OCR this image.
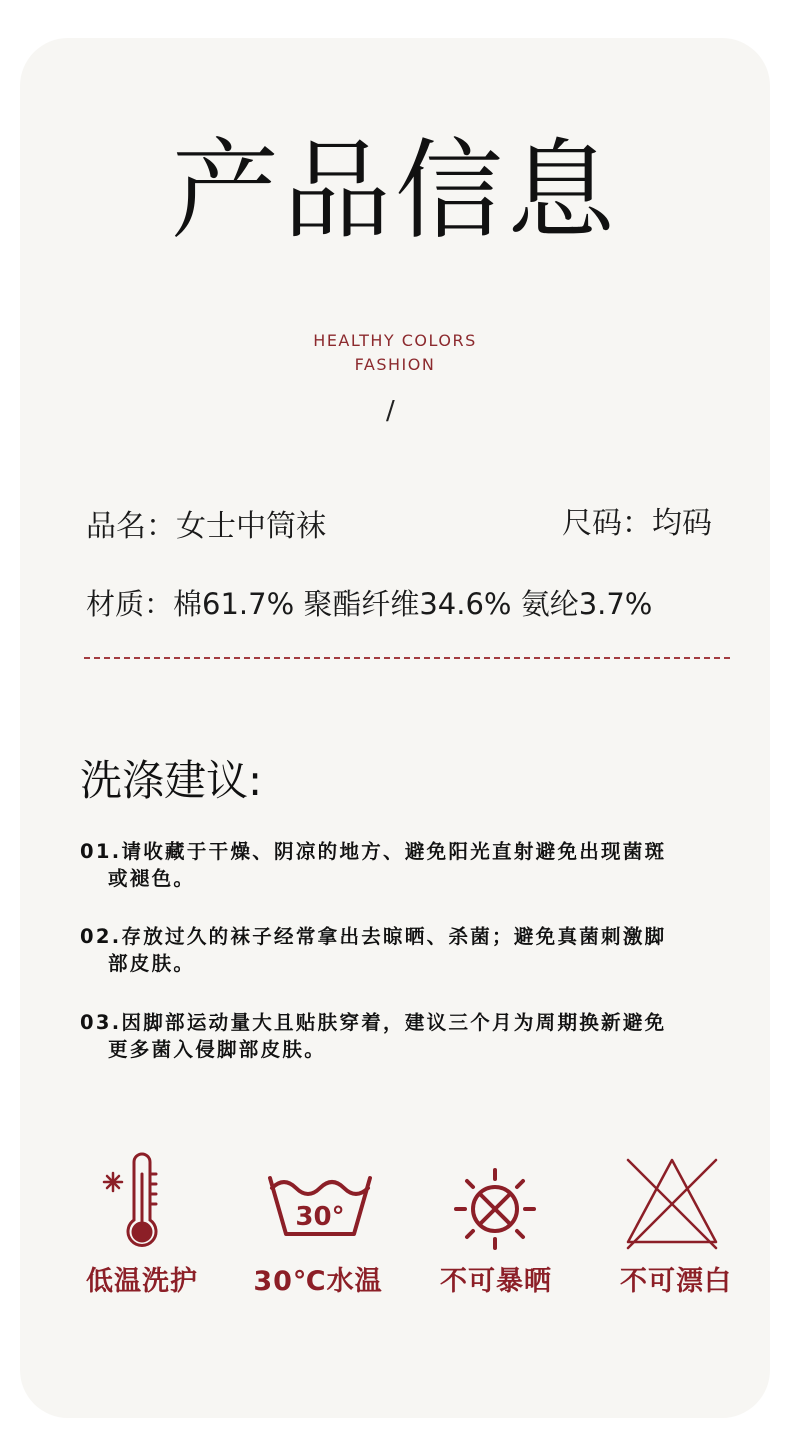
产品信息
HEALTHY COLORS
FASHION
/
品名：女士中筒袜	尺码：均码
材质：棉61.7% 聚酯纤维34.6% 氨纶3.7%
洗涤建议:
01.请收藏于干燥、阴凉的地方、避免阳光直射避免出现菌斑
或褪色。
02.存放过久的袜子经常拿出去晾晒、杀菌；避免真菌刺激脚
部皮肤。
03.因脚部运动量大且贴肤穿着，建议三个月为周期换新避免
更多菌入侵脚部皮肤。
30°
低温洗护	30℃水温	不可暴晒	不可漂白
